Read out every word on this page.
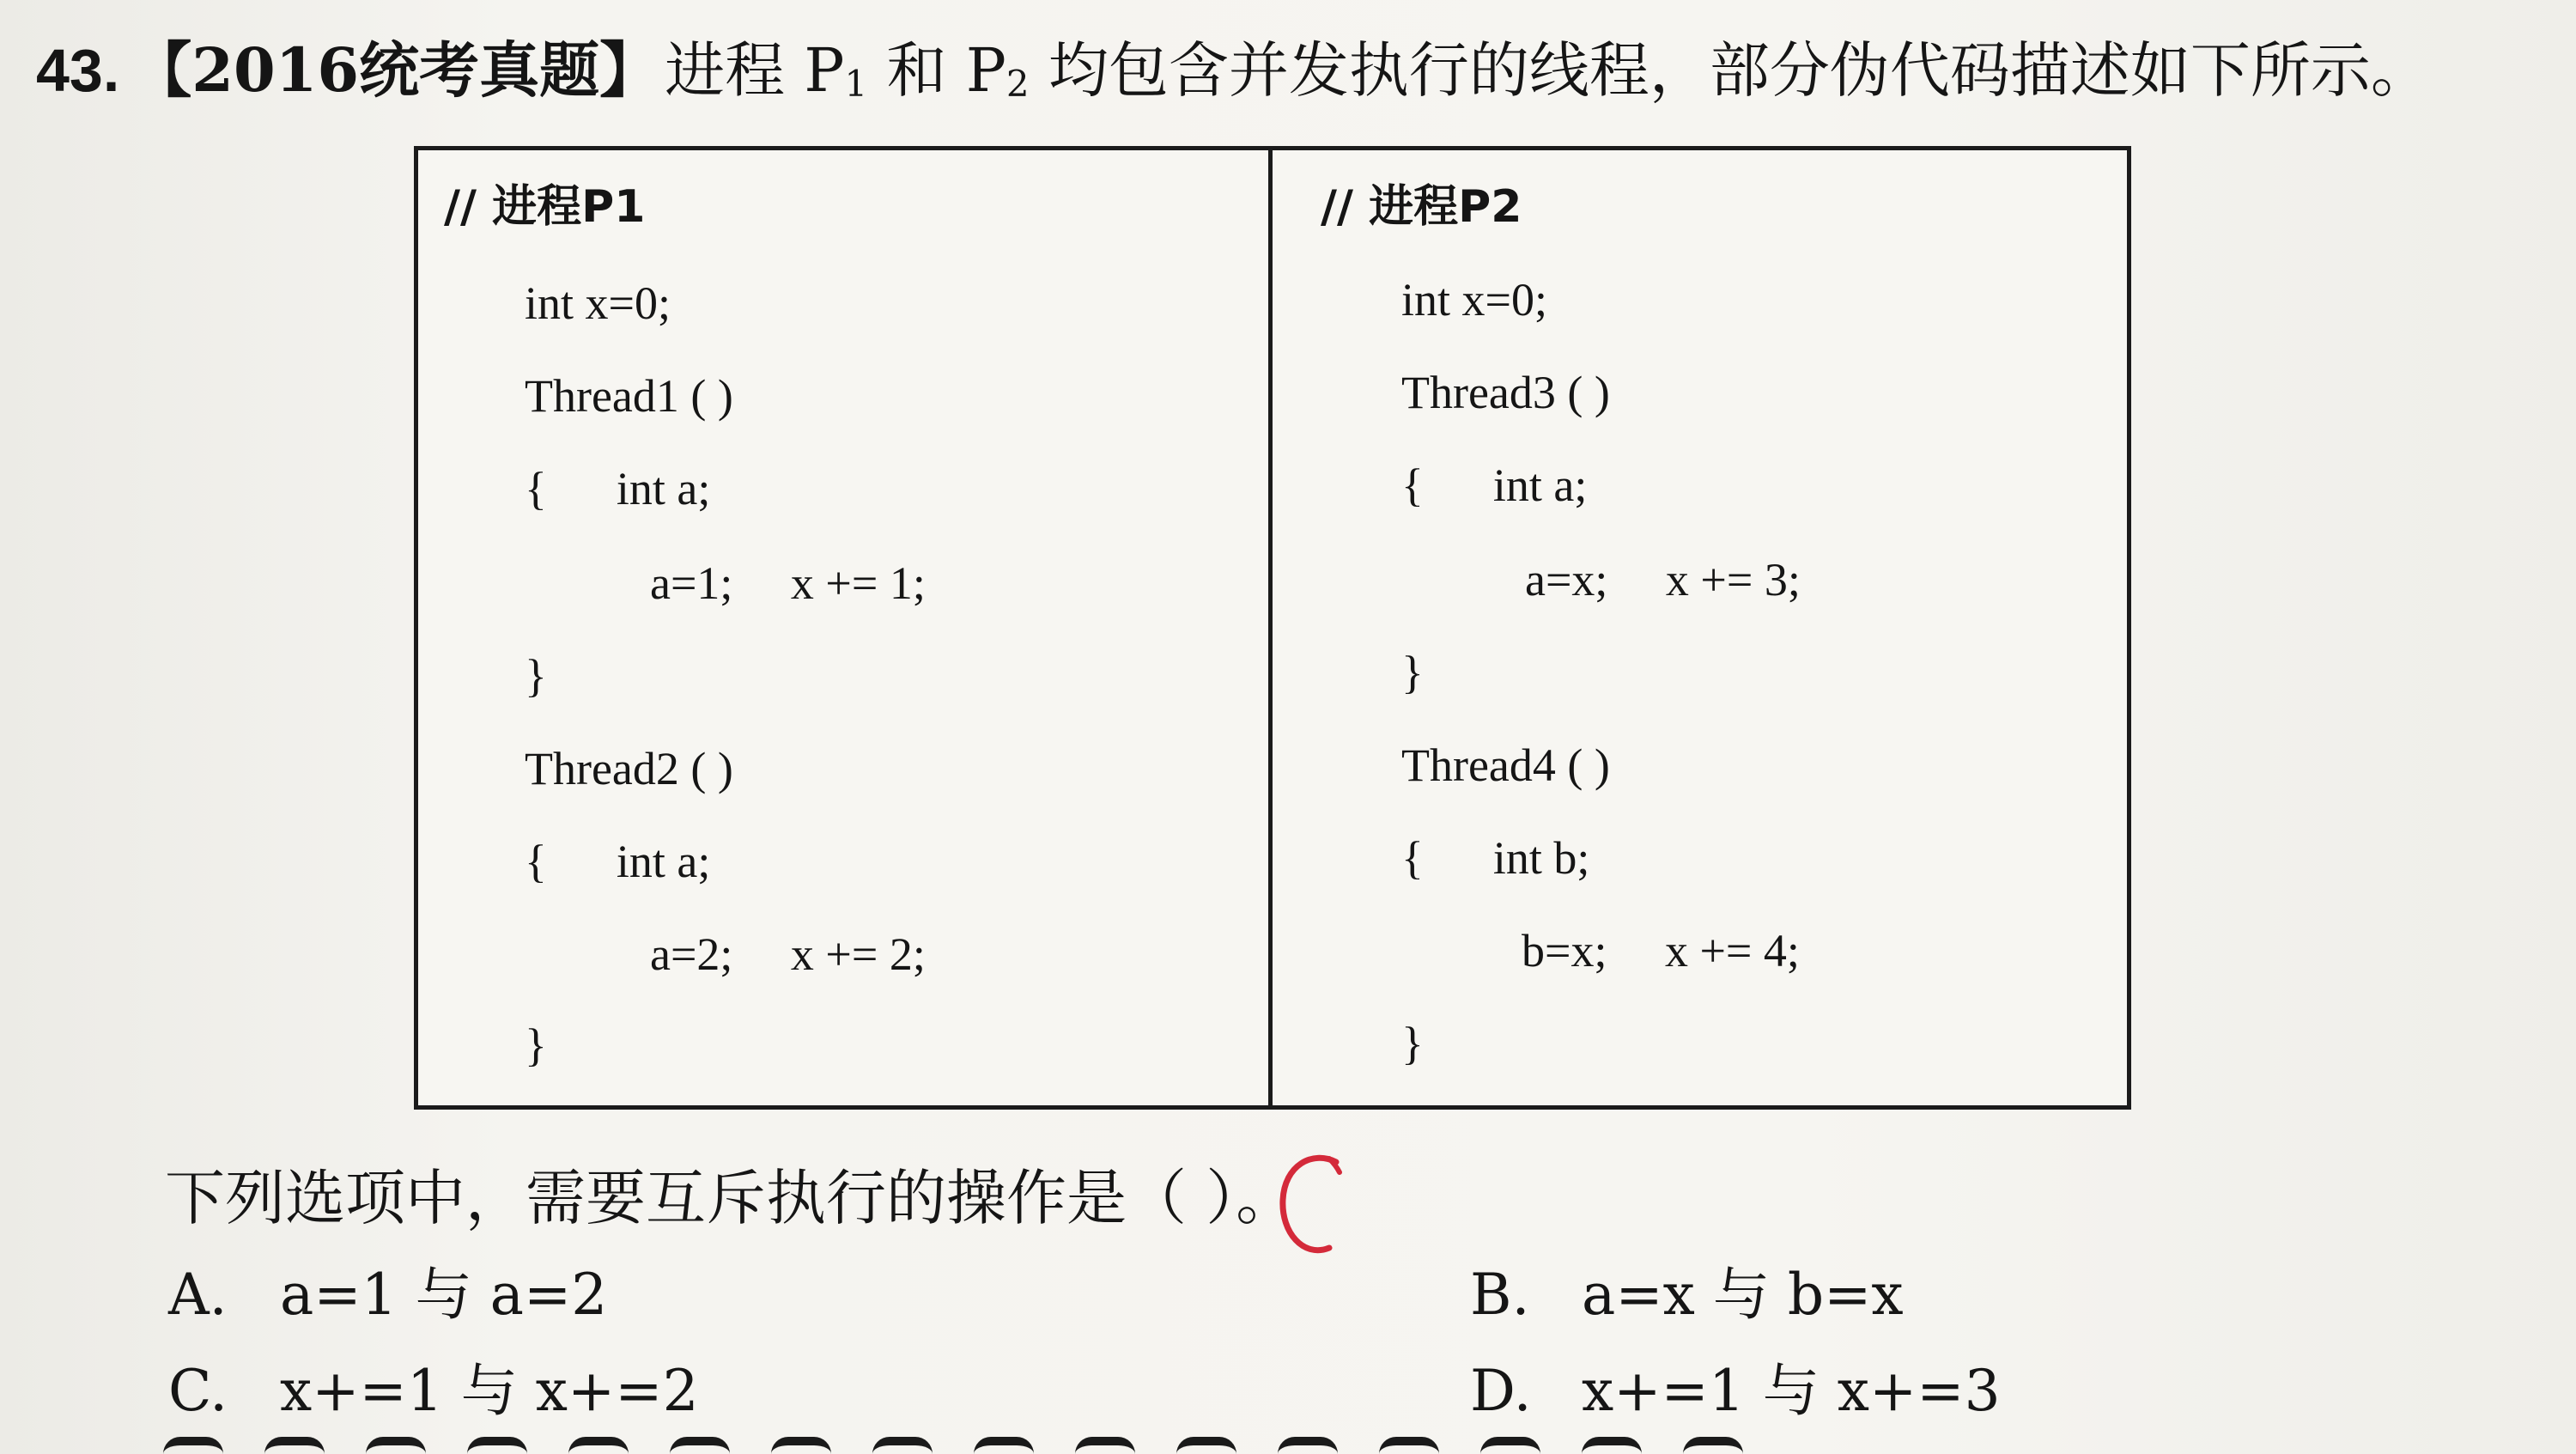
43. 【2016统考真题】进程 $P_1$ 和 $P_2$ 均包含并发执行的线程，部分伪代码描述如下所示。
// 进程P1
int x=0;
Thread1 ( )
{      int a;
a=1;     x += 1;
}
Thread2 ( )
{      int a;
a=2;     x += 2;
}
// 进程P2
int x=0;
Thread3 ( )
{      int a;
a=x;     x += 3;
}
Thread4 ( )
{      int b;
b=x;     x += 4;
}
下列选项中，需要互斥执行的操作是（ ）。
A. a=1 与 a=2	B. a=x 与 b=x
C. x+=1 与 x+=2	D. x+=1 与 x+=3
